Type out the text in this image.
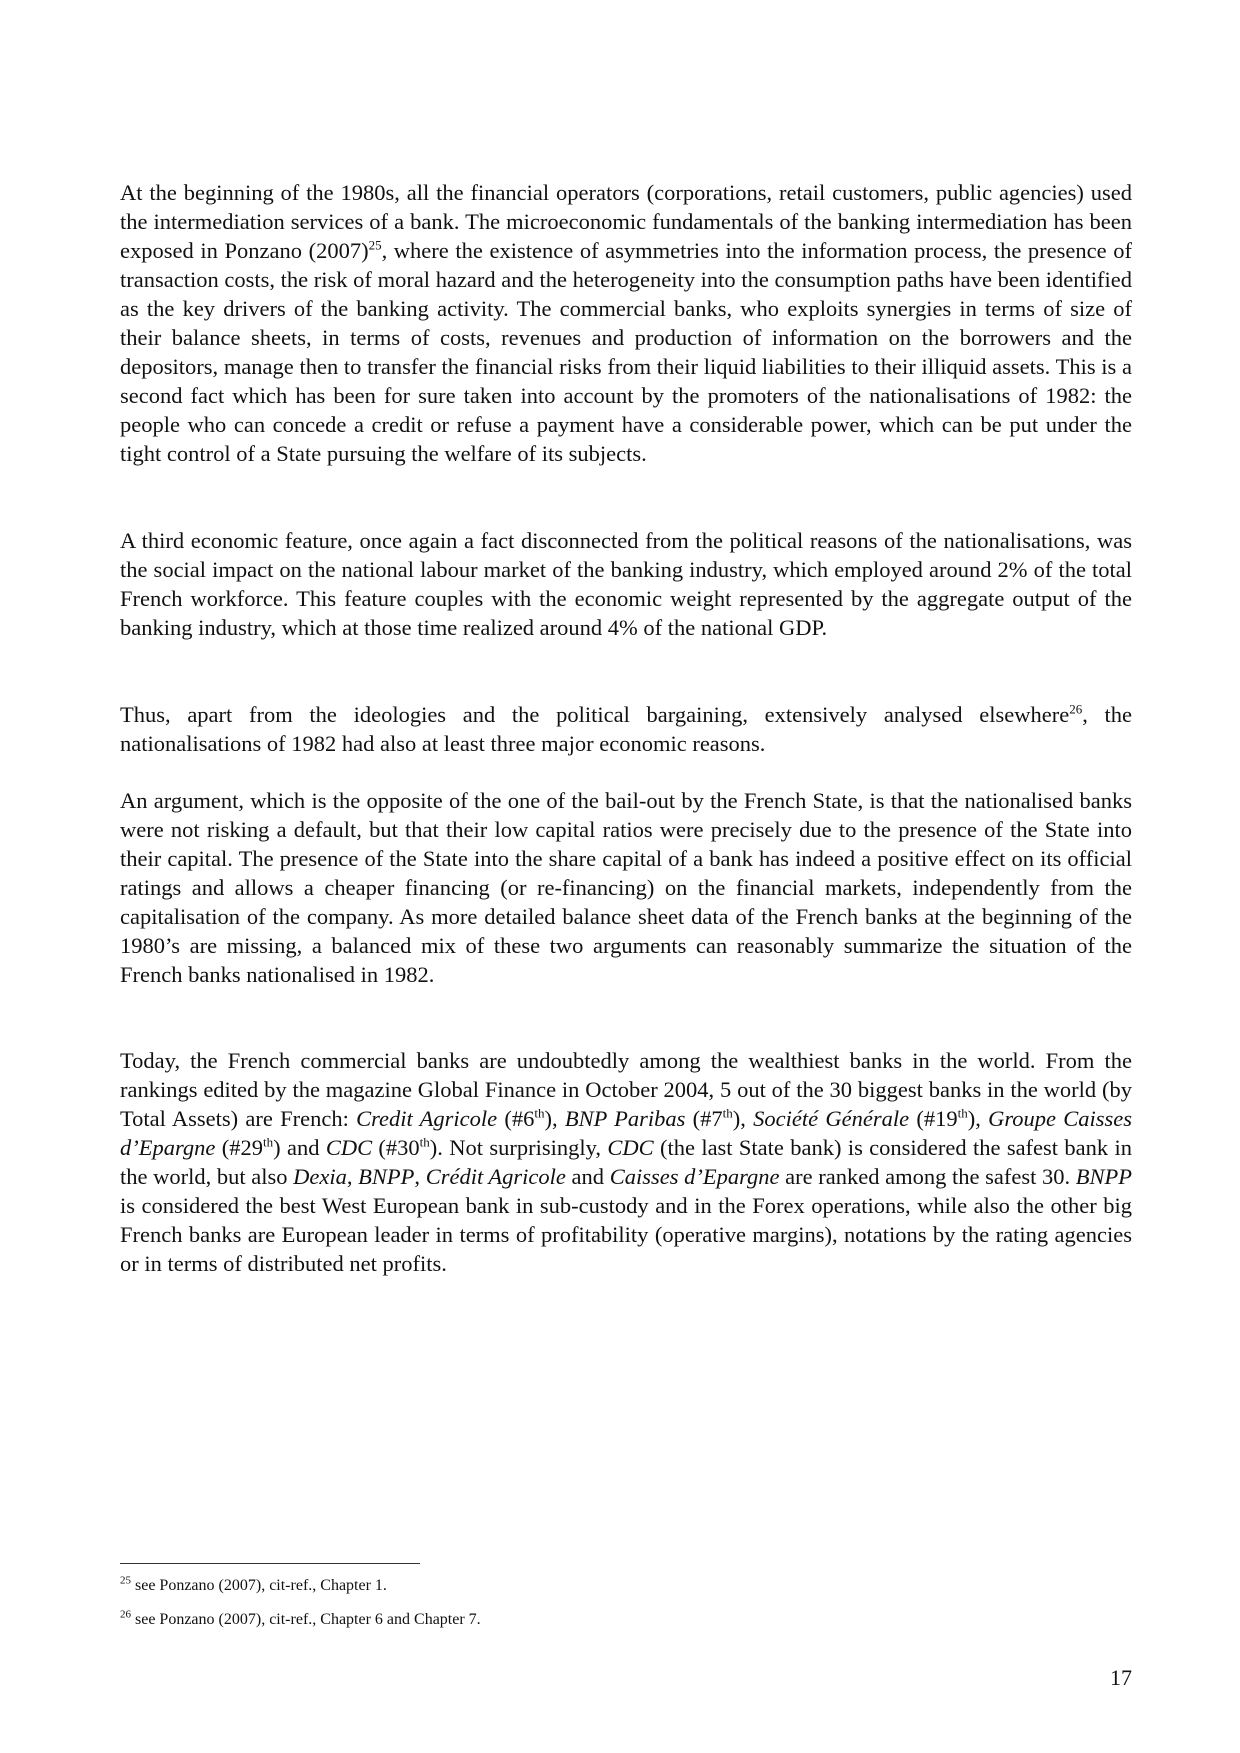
At the beginning of the 1980s, all the financial operators (corporations, retail customers, public agencies) used the intermediation services of a bank. The microeconomic fundamentals of the banking intermediation has been exposed in Ponzano $(2007)^{25}$, where the existence of asymmetries into the information process, the presence of transaction costs, the risk of moral hazard and the heterogeneity into the consumption paths have been identified as the key drivers of the banking activity. The commercial banks, who exploits synergies in terms of size of their balance sheets, in terms of costs, revenues and production of information on the borrowers and the depositors, manage then to transfer the financial risks from their liquid liabilities to their illiquid assets. This is a second fact which has been for sure taken into account by the promoters of the nationalisations of 1982: the people who can concede a credit or refuse a payment have a considerable power, which can be put under the tight control of a State pursuing the welfare of its subjects.

A third economic feature, once again a fact disconnected from the political reasons of the nationalisations, was the social impact on the national labour market of the banking industry, which employed around 2% of the total French workforce. This feature couples with the economic weight represented by the aggregate output of the banking industry, which at those time realized around 4% of the national GDP.

Thus, apart from the ideologies and the political bargaining, extensively analysed elsewhere$^{26}$, the nationalisations of 1982 had also at least three major economic reasons.

An argument, which is the opposite of the one of the bail-out by the French State, is that the nationalised banks were not risking a default, but that their low capital ratios were precisely due to the presence of the State into their capital. The presence of the State into the share capital of a bank has indeed a positive effect on its official ratings and allows a cheaper financing (or re-financing) on the financial markets, independently from the capitalisation of the company. As more detailed balance sheet data of the French banks at the beginning of the 1980’s are missing, a balanced mix of these two arguments can reasonably summarize the situation of the French banks nationalised in 1982.

Today, the French commercial banks are undoubtedly among the wealthiest banks in the world. From the rankings edited by the magazine Global Finance in October 2004, 5 out of the 30 biggest banks in the world (by Total Assets) are French: Credit Agricole (#6th), BNP Paribas (#7th), Société Générale (#19th), Groupe Caisses d’Epargne (#29th) and CDC (#30th). Not surprisingly, CDC (the last State bank) is considered the safest bank in the world, but also Dexia, BNPP, Crédit Agricole and Caisses d’Epargne are ranked among the safest 30. BNPP is considered the best West European bank in sub-custody and in the Forex operations, while also the other big French banks are European leader in terms of profitability (operative margins), notations by the rating agencies or in terms of distributed net profits.

$^{25}$ see Ponzano (2007), cit-ref., Chapter 1.
$^{26}$ see Ponzano (2007), cit-ref., Chapter 6 and Chapter 7.
17
